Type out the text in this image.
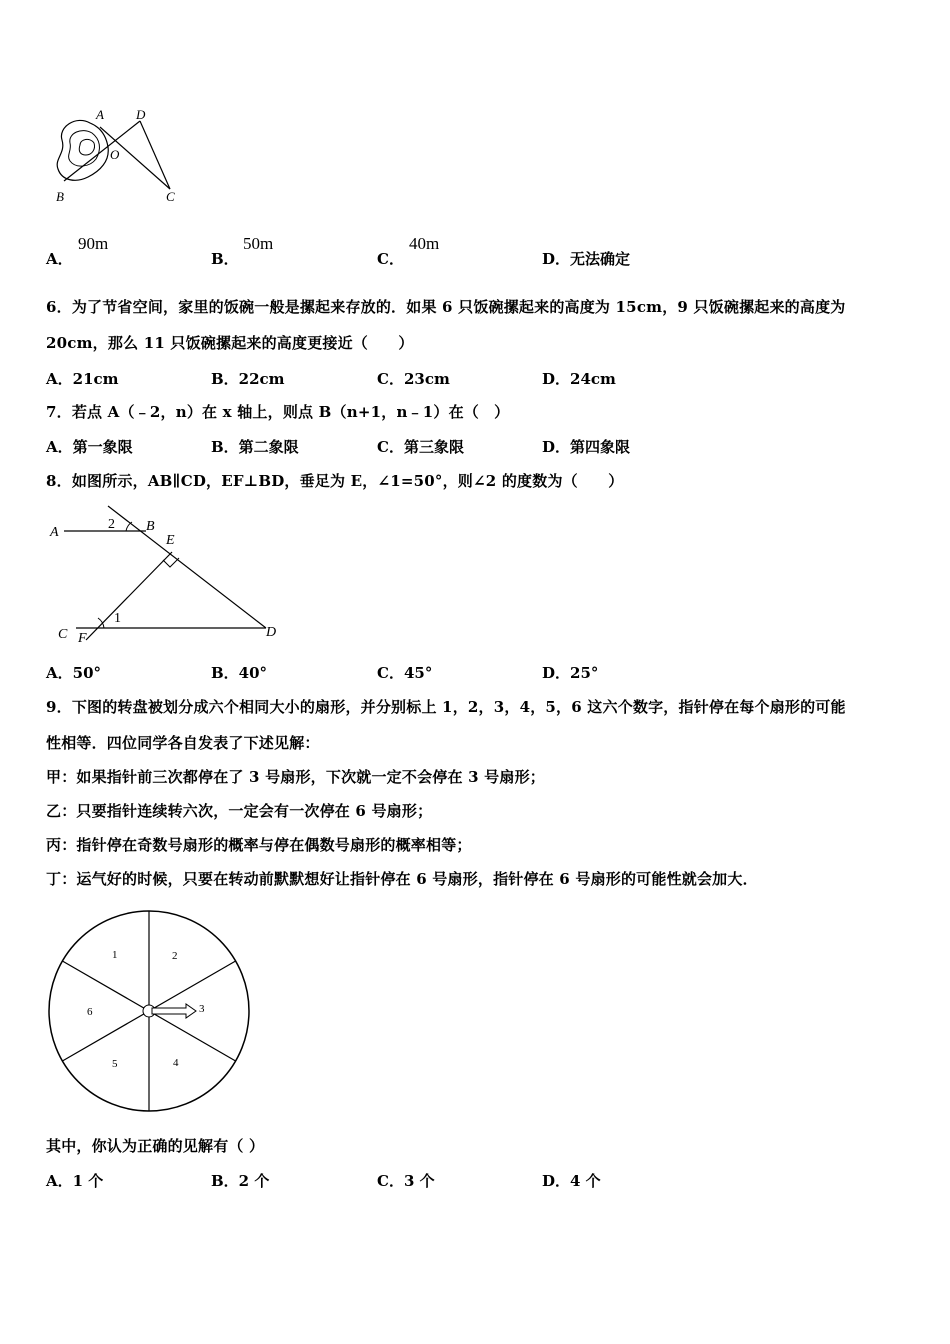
A D
O
B	C
A．
90m
B．
50m
C．
40m
D．无法确定
6．为了节省空间，家里的饭碗一般是摞起来存放的．如果 6 只饭碗摞起来的高度为 15cm，9 只饭碗摞起来的高度为
20cm，那么 11 只饭碗摞起来的高度更接近（　　）
A．21cm	B．22cm	C．23cm	D．24cm
7．若点 A（﹣2，n）在 x 轴上，则点 B（n+1，n﹣1）在（　）
A．第一象限	B．第二象限	C．第三象限	D．第四象限
8．如图所示，AB∥CD，EF⊥BD，垂足为 E，∠1=50°，则∠2 的度数为（　　）
A
2 B
E
1
C F	D
A．50°	B．40°	C．45°	D．25°
9．下图的转盘被划分成六个相同大小的扇形，并分别标上 1，2，3，4，5，6 这六个数字，指针停在每个扇形的可能
性相等．四位同学各自发表了下述见解：
甲：如果指针前三次都停在了 3 号扇形，下次就一定不会停在 3 号扇形；
乙：只要指针连续转六次，一定会有一次停在 6 号扇形；
丙：指针停在奇数号扇形的概率与停在偶数号扇形的概率相等；
丁：运气好的时候，只要在转动前默默想好让指针停在 6 号扇形，指针停在 6 号扇形的可能性就会加大．
1	2
3
4
5
6
其中，你认为正确的见解有（ ）
A．1 个	B．2 个	C．3 个	D．4 个
